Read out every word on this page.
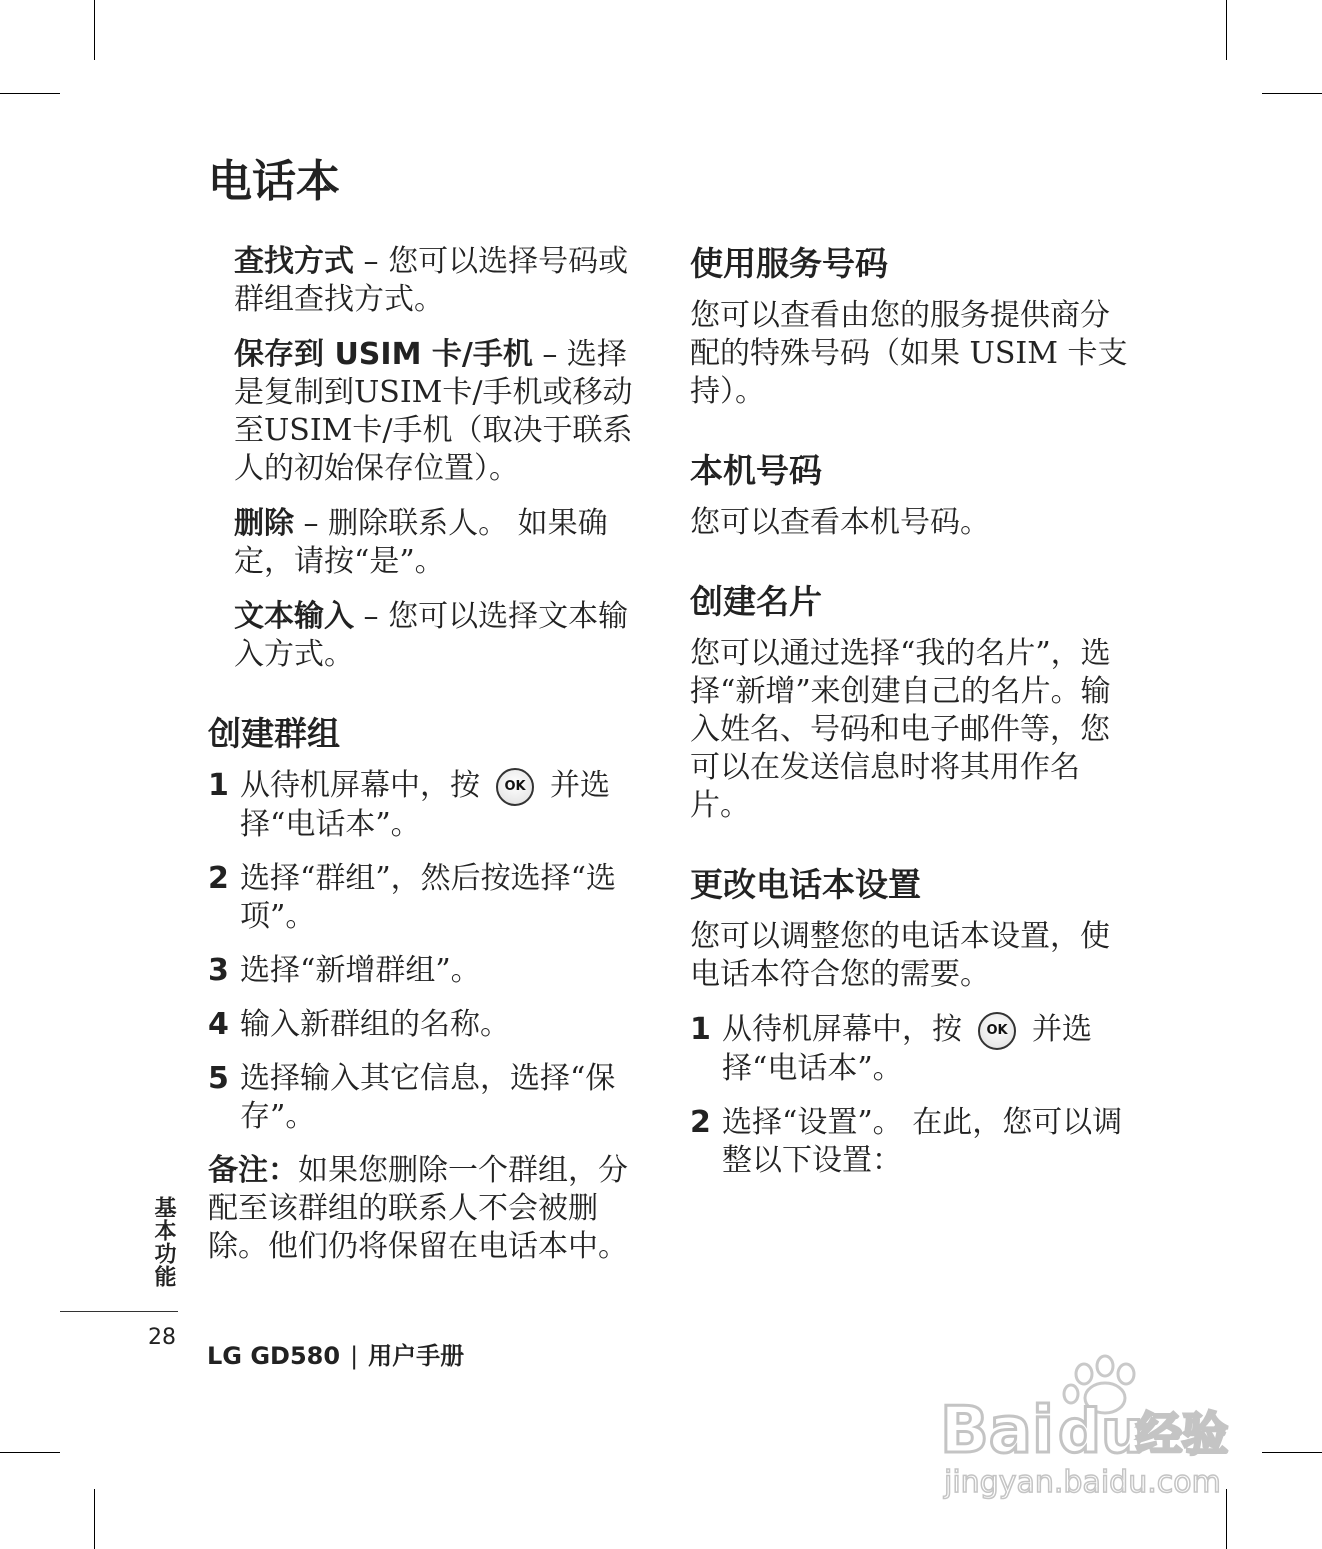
电话本

查找方式 – 您可以选择号码或群组查找方式。

保存到 USIM 卡/手机 – 选择是复制到USIM卡/手机或移动至USIM卡/手机（取决于联系人的初始保存位置）。

删除 – 删除联系人。 如果确定，请按“是”。

文本输入 – 您可以选择文本输入方式。

创建群组
1 从待机屏幕中，按 OK 并选择“电话本”。
2 选择“群组”，然后按选择“选项”。
3 选择“新增群组”。
4 输入新群组的名称。
5 选择输入其它信息，选择“保存”。

备注：如果您删除一个群组，分配至该群组的联系人不会被删除。他们仍将保留在电话本中。

使用服务号码

您可以查看由您的服务提供商分配的特殊号码（如果 USIM 卡支持）。

本机号码

您可以查看本机号码。

创建名片

您可以通过选择“我的名片”，选择“新增”来创建自己的名片。输入姓名、号码和电子邮件等，您可以在发送信息时将其用作名片。

更改电话本设置

您可以调整您的电话本设置，使电话本符合您的需要。

1 从待机屏幕中，按 OK 并选择“电话本”。
2 选择“设置”。 在此，您可以调整以下设置：
基本功能
28
LG GD580 | 用户手册
Bai du
经验
jingyan.baidu.com
